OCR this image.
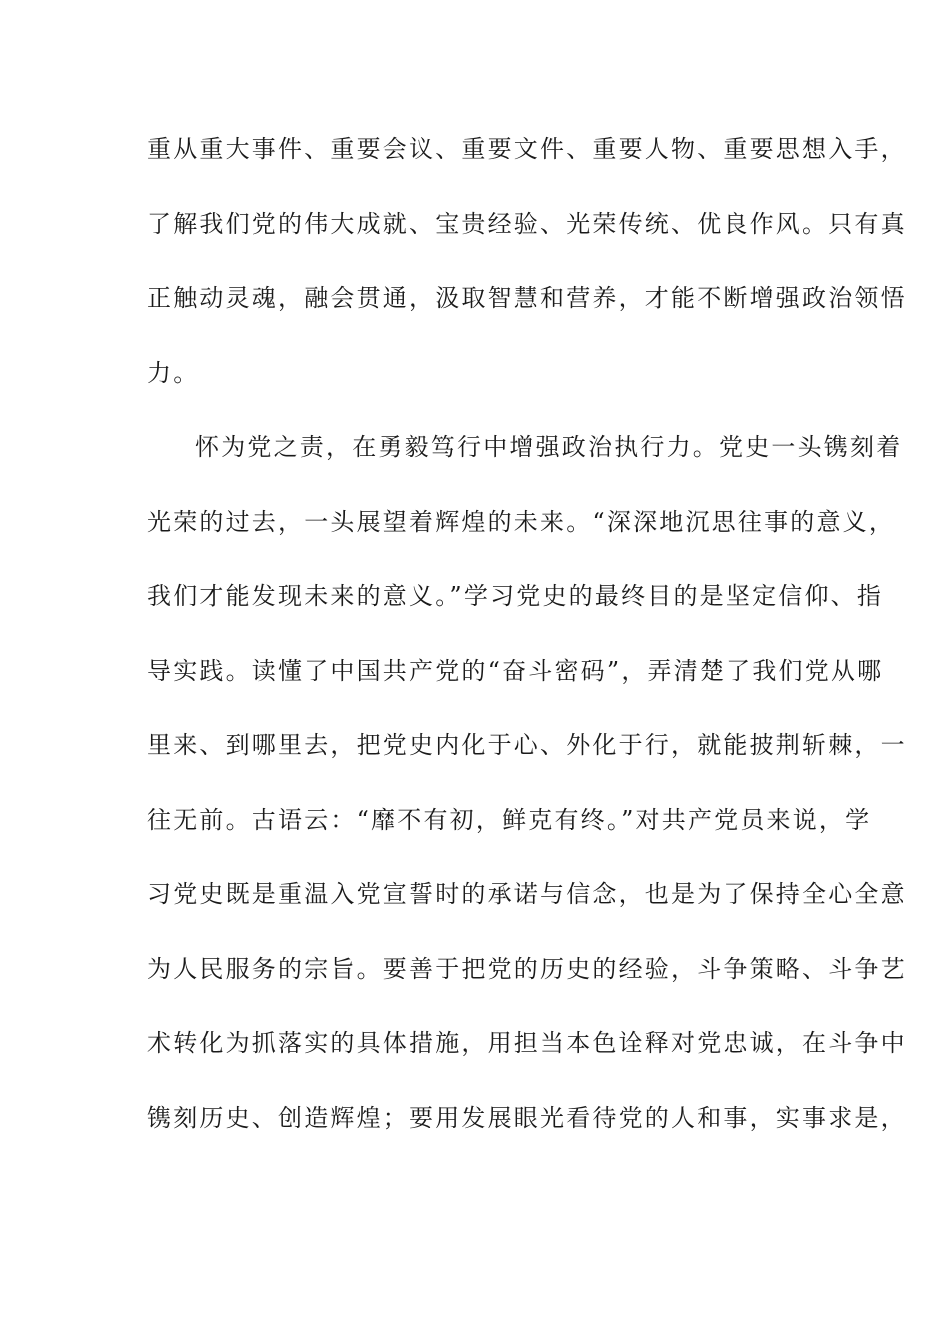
重从重大事件、重要会议、重要文件、重要人物、重要思想入手，
了解我们党的伟大成就、宝贵经验、光荣传统、优良作风。只有真
正触动灵魂，融会贯通，汲取智慧和营养，才能不断增强政治领悟
力。
怀为党之责，在勇毅笃行中增强政治执行力。党史一头镌刻着
光荣的过去，一头展望着辉煌的未来。“深深地沉思往事的意义，
我们才能发现未来的意义。”学习党史的最终目的是坚定信仰、指
导实践。读懂了中国共产党的“奋斗密码”，弄清楚了我们党从哪
里来、到哪里去，把党史内化于心、外化于行，就能披荆斩棘，一
往无前。古语云：“靡不有初，鲜克有终。”对共产党员来说，学
习党史既是重温入党宣誓时的承诺与信念，也是为了保持全心全意
为人民服务的宗旨。要善于把党的历史的经验，斗争策略、斗争艺
术转化为抓落实的具体措施，用担当本色诠释对党忠诚，在斗争中
镌刻历史、创造辉煌；要用发展眼光看待党的人和事，实事求是，
